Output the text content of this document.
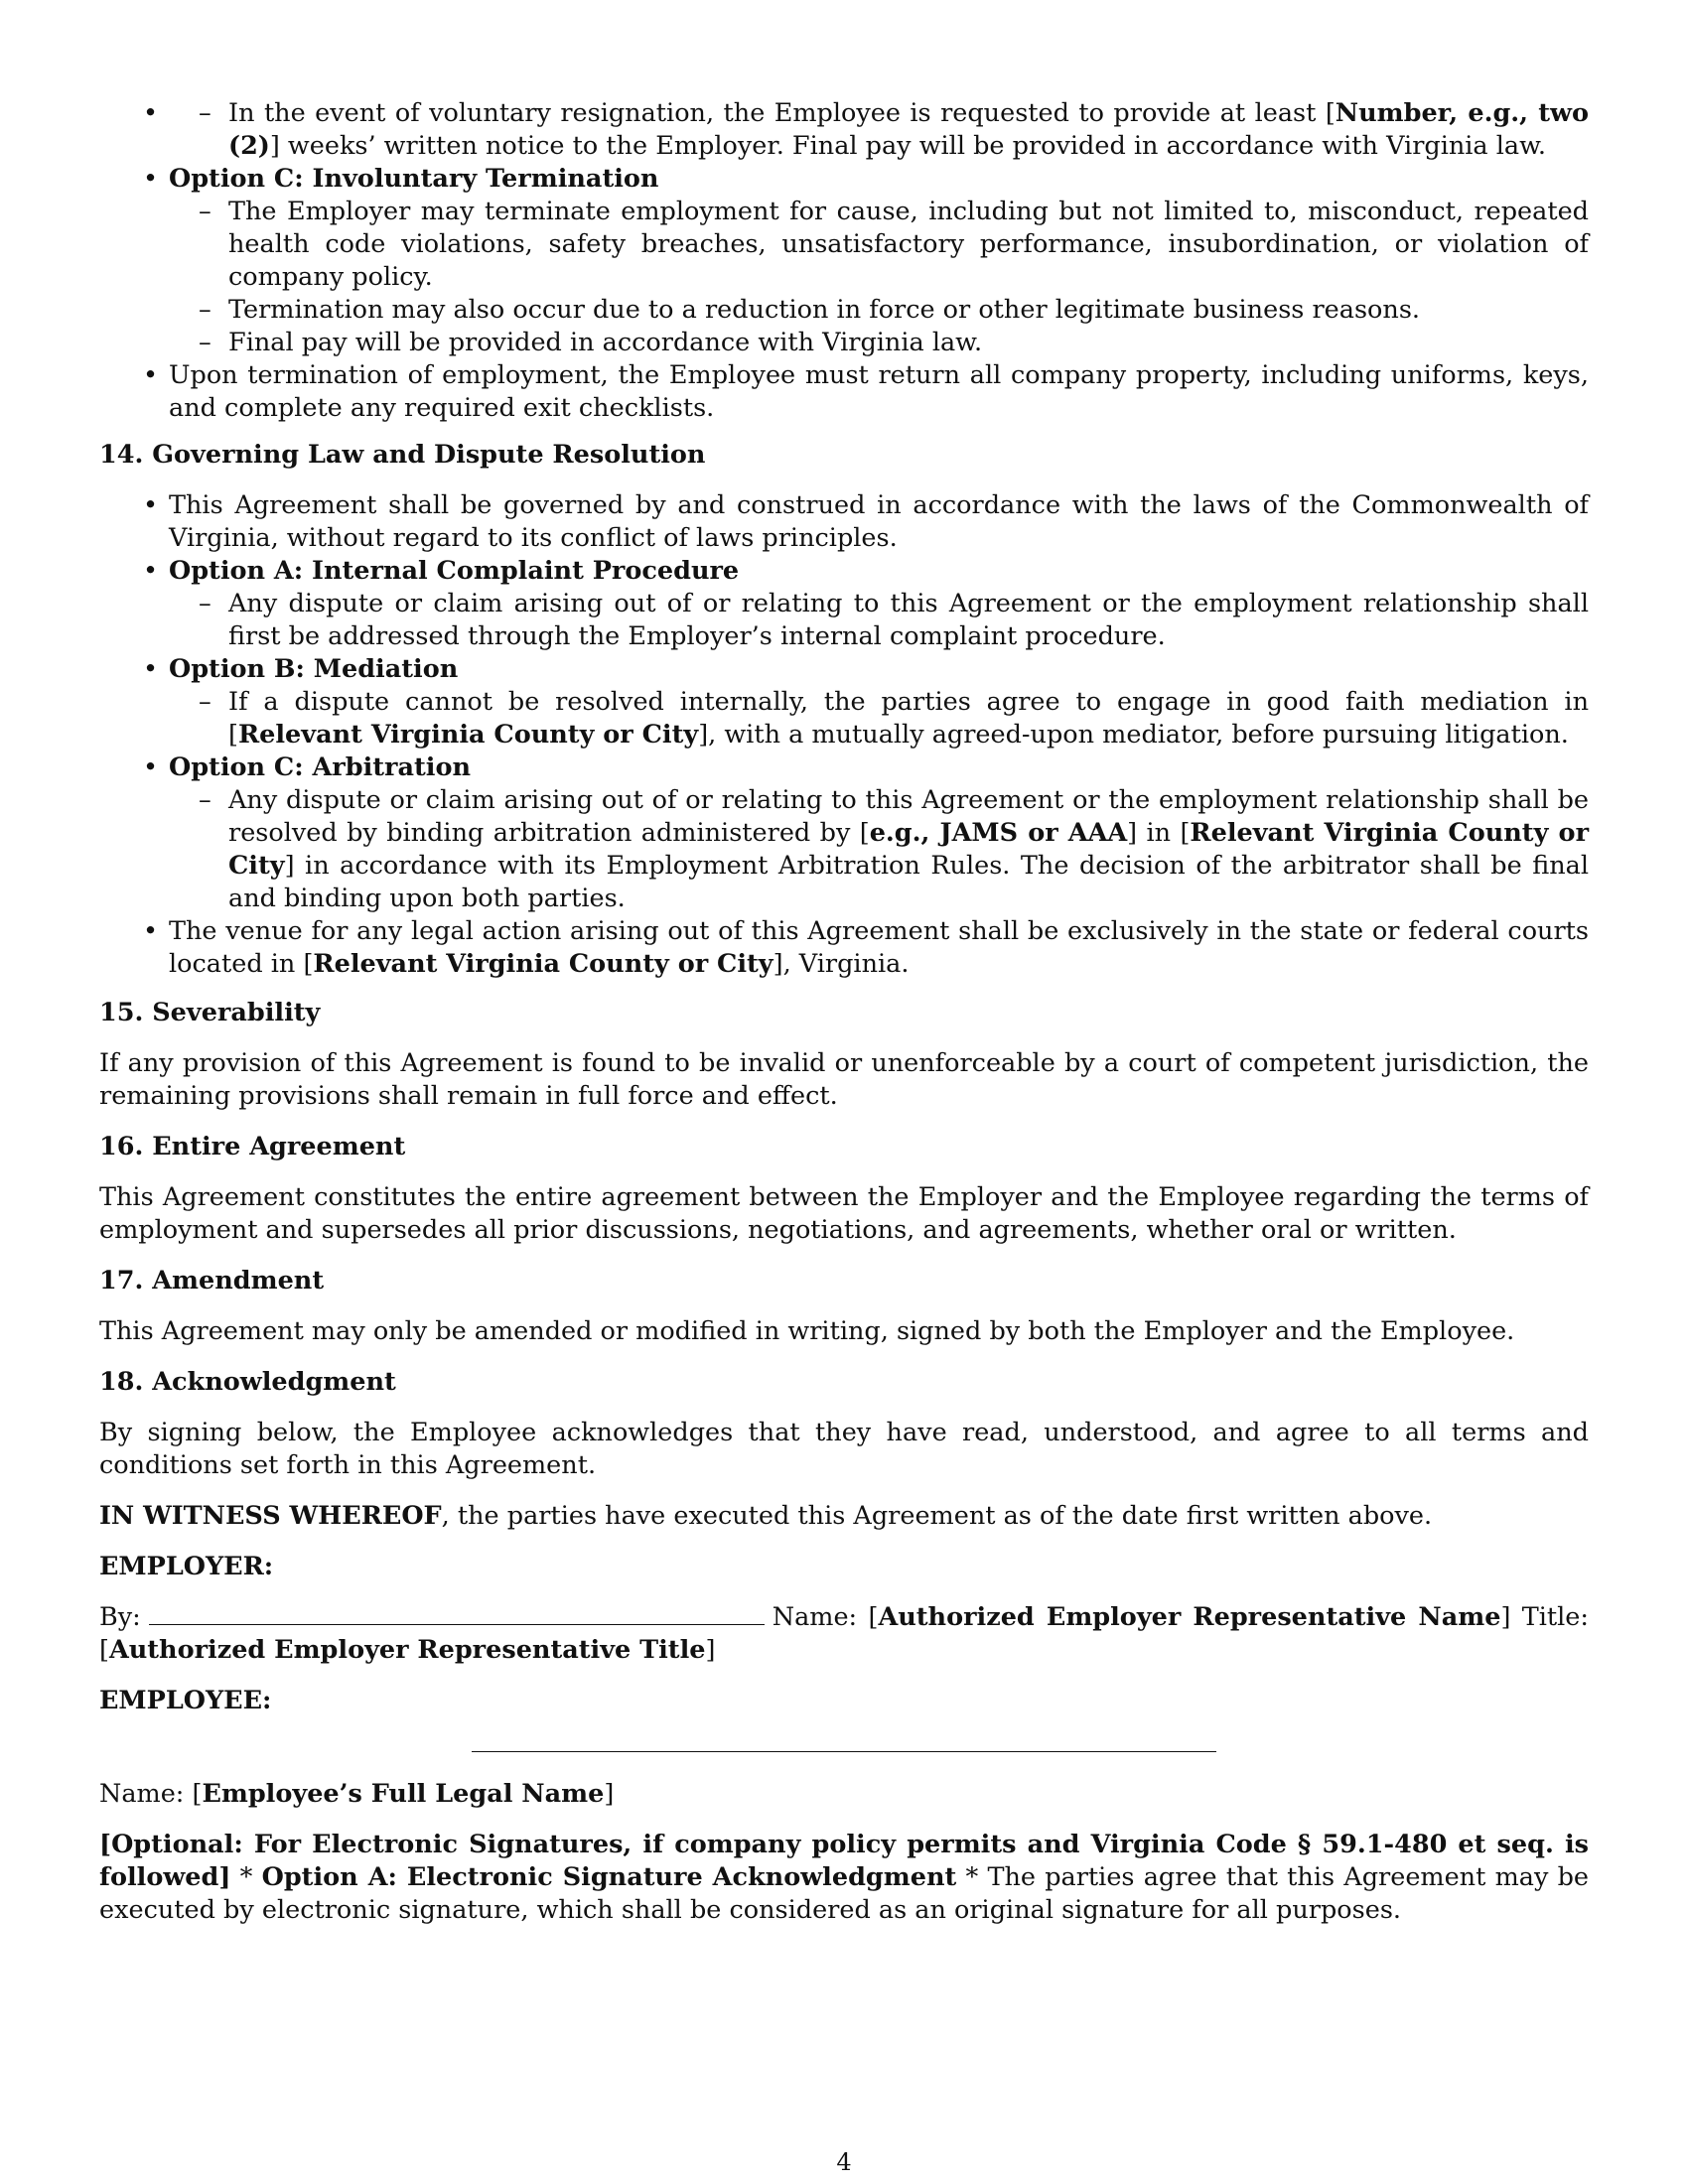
– • In the event of voluntary resignation, the Employee is requested to provide at least [Number, e.g., two (2)] weeks’ written notice to the Employer. Final pay will be provided in accordance with Virginia law.
• Option C: Involuntary Termination
– The Employer may terminate employment for cause, including but not limited to, misconduct, repeated health code violations, safety breaches, unsatisfactory performance, insubordination, or violation of company policy.
– Termination may also occur due to a reduction in force or other legitimate business reasons.
– Final pay will be provided in accordance with Virginia law.
• Upon termination of employment, the Employee must return all company property, including uniforms, keys, and complete any required exit checklists.
14. Governing Law and Dispute Resolution
• This Agreement shall be governed by and construed in accordance with the laws of the Commonwealth of Virginia, without regard to its conflict of laws principles.
• Option A: Internal Complaint Procedure
– Any dispute or claim arising out of or relating to this Agreement or the employment relationship shall first be addressed through the Employer’s internal complaint procedure.
• Option B: Mediation
– If a dispute cannot be resolved internally, the parties agree to engage in good faith mediation in [Relevant Virginia County or City], with a mutually agreed-upon mediator, before pursuing litigation.
• Option C: Arbitration
– Any dispute or claim arising out of or relating to this Agreement or the employment relationship shall be resolved by binding arbitration administered by [e.g., JAMS or AAA] in [Relevant Virginia County or City] in accordance with its Employment Arbitration Rules. The decision of the arbitrator shall be final and binding upon both parties.
• The venue for any legal action arising out of this Agreement shall be exclusively in the state or federal courts located in [Relevant Virginia County or City], Virginia.
15. Severability

If any provision of this Agreement is found to be invalid or unenforceable by a court of competent jurisdiction, the remaining provisions shall remain in full force and effect.

16. Entire Agreement

This Agreement constitutes the entire agreement between the Employer and the Employee regarding the terms of employment and supersedes all prior discussions, negotiations, and agreements, whether oral or written.

17. Amendment

This Agreement may only be amended or modified in writing, signed by both the Employer and the Employee.

18. Acknowledgment

By signing below, the Employee acknowledges that they have read, understood, and agree to all terms and conditions set forth in this Agreement.

IN WITNESS WHEREOF, the parties have executed this Agreement as of the date first written above.

EMPLOYER:

By:	Name: [Authorized Employer Representative Name] Title: [Authorized Employer Representative Title]

EMPLOYEE:

Name: [Employee’s Full Legal Name]

[Optional: For Electronic Signatures, if company policy permits and Virginia Code § 59.1-480 et seq. is followed] * Option A: Electronic Signature Acknowledgment * The parties agree that this Agreement may be executed by electronic signature, which shall be considered as an original signature for all purposes.

4
